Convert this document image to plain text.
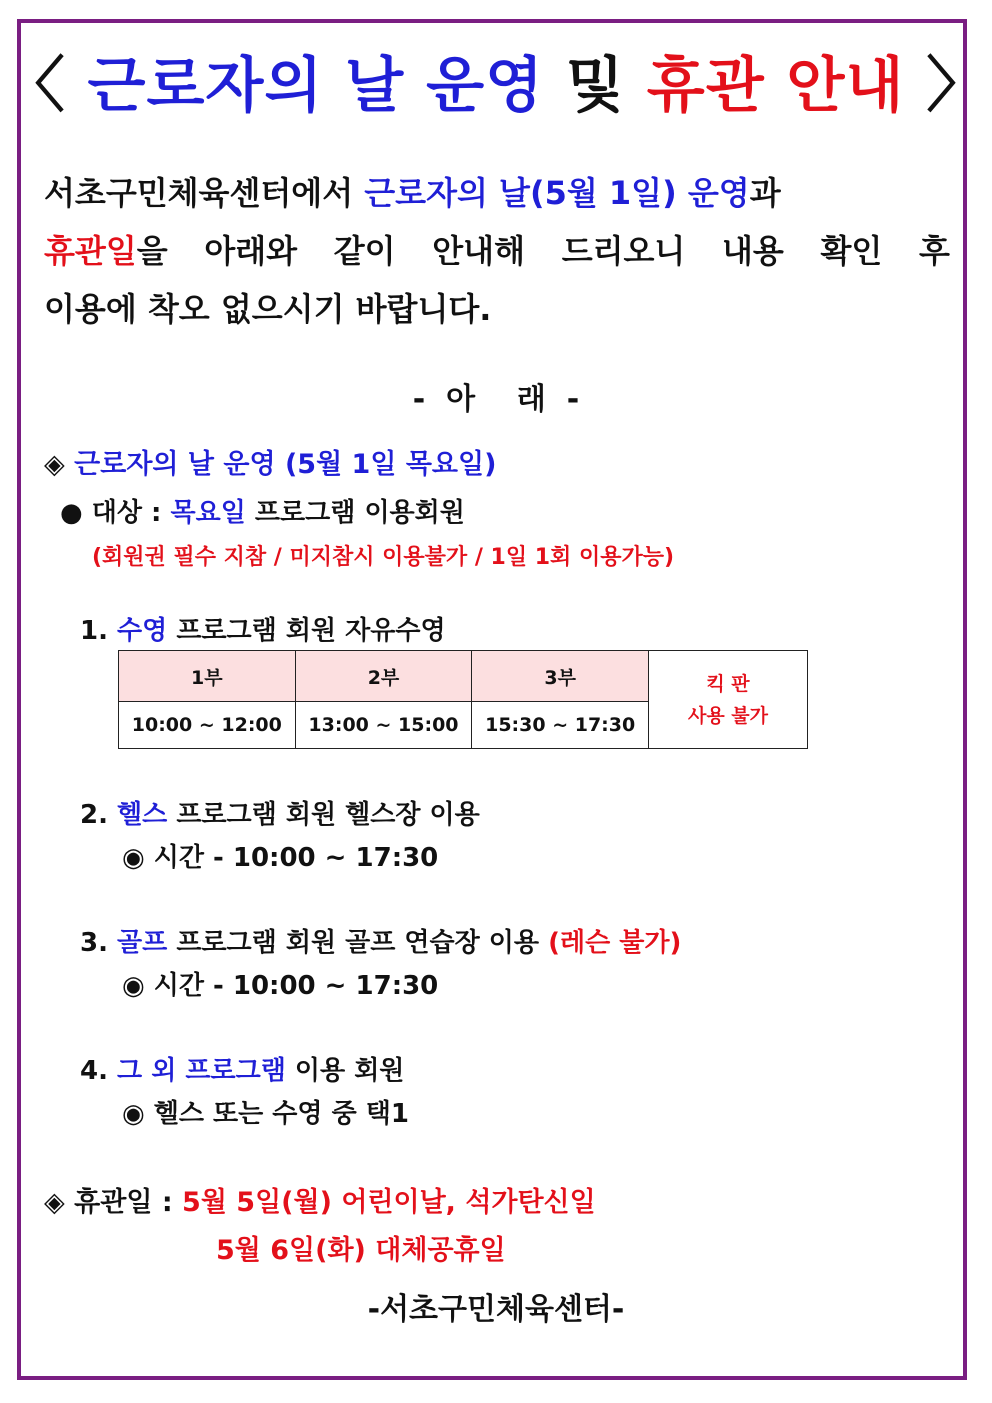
〈 근로자의 날 운영 및 휴관 안내 〉
서초구민체육센터에서 근로자의 날(5월 1일) 운영과
휴관일을 아래와 같이 안내해 드리오니 내용 확인 후
이용에 착오 없으시기 바랍니다.
-  아    래  -
◈ 근로자의 날 운영 (5월 1일 목요일)
● 대상 : 목요일 프로그램 이용회원
(회원권 필수 지참 / 미지참시 이용불가 / 1일 1회 이용가능)
1. 수영 프로그램 회원 자유수영
1부	2부	3부	킥 판
사용 불가

10:00 ~ 12:00	13:00 ~ 15:00	15:30 ~ 17:30	
2. 헬스 프로그램 회원 헬스장 이용
◉ 시간 - 10:00 ~ 17:30
3. 골프 프로그램 회원 골프 연습장 이용 (레슨 불가)
◉ 시간 - 10:00 ~ 17:30
4. 그 외 프로그램 이용 회원
◉ 헬스 또는 수영 중 택1
◈ 휴관일 : 5월 5일(월) 어린이날, 석가탄신일
5월 6일(화) 대체공휴일
-서초구민체육센터-
